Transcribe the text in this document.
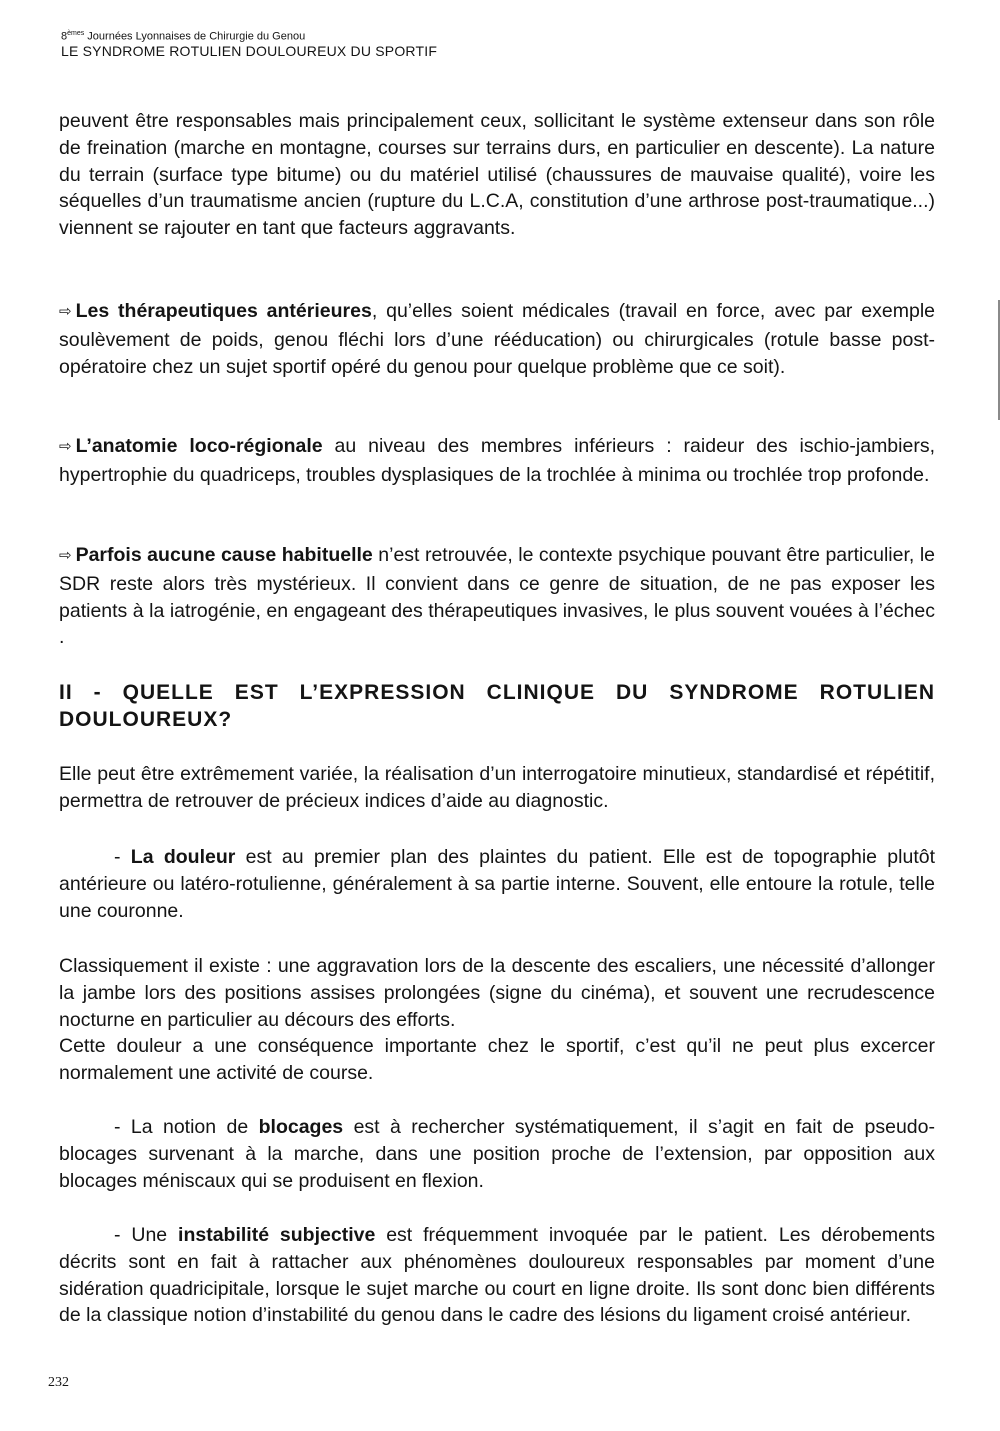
8èmes Journées Lyonnaises de Chirurgie du Genou
LE SYNDROME ROTULIEN DOULOUREUX DU SPORTIF

peuvent être responsables mais principalement ceux, sollicitant le système extenseur dans son rôle de freination (marche en montagne, courses sur terrains durs, en particulier en descente). La nature du terrain (surface type bitume) ou du matériel utilisé (chaussures de mauvaise qualité), voire les séquelles d’un traumatisme ancien (rupture du L.C.A, constitution d’une arthrose post-traumatique...) viennent se rajouter en tant que facteurs aggravants.

⇨ Les thérapeutiques antérieures, qu’elles soient médicales (travail en force, avec par exemple soulèvement de poids, genou fléchi lors d’une rééducation) ou chirurgicales (rotule basse post-opératoire chez un sujet sportif opéré du genou pour quelque problème que ce soit).

⇨ L’anatomie loco-régionale au niveau des membres inférieurs : raideur des ischio-jambiers, hypertrophie du quadriceps, troubles dysplasiques de la trochlée à minima ou trochlée trop profonde.

⇨ Parfois aucune cause habituelle n’est retrouvée, le contexte psychique pouvant être particulier, le SDR reste alors très mystérieux. Il convient dans ce genre de situation, de ne pas exposer les patients à la iatrogénie, en engageant des thérapeutiques invasives, le plus souvent vouées à l’échec .

II - QUELLE EST L’EXPRESSION CLINIQUE DU SYNDROME ROTULIEN DOULOUREUX?

Elle peut être extrêmement variée, la réalisation d’un interrogatoire minutieux, standardisé et répétitif, permettra de retrouver de précieux indices d’aide au diagnostic.

- La douleur est au premier plan des plaintes du patient. Elle est de topographie plutôt antérieure ou latéro-rotulienne, généralement à sa partie interne. Souvent, elle entoure la rotule, telle une couronne.

Classiquement il existe : une aggravation lors de la descente des escaliers, une nécessité d’allonger la jambe lors des positions assises prolongées (signe du cinéma), et souvent une recrudescence nocturne en particulier au décours des efforts.

Cette douleur a une conséquence importante chez le sportif, c’est qu’il ne peut plus excercer normalement une activité de course.

- La notion de blocages est à rechercher systématiquement, il s’agit en fait de pseudo-blocages survenant à la marche, dans une position proche de l’extension, par opposition aux blocages méniscaux qui se produisent en flexion.

- Une instabilité subjective est fréquemment invoquée par le patient. Les dérobements décrits sont en fait à rattacher aux phénomènes douloureux responsables par moment d’une sidération quadricipitale, lorsque le sujet marche ou court en ligne droite. Ils sont donc bien différents de la classique notion d’instabilité du genou dans le cadre des lésions du ligament croisé antérieur.

232
